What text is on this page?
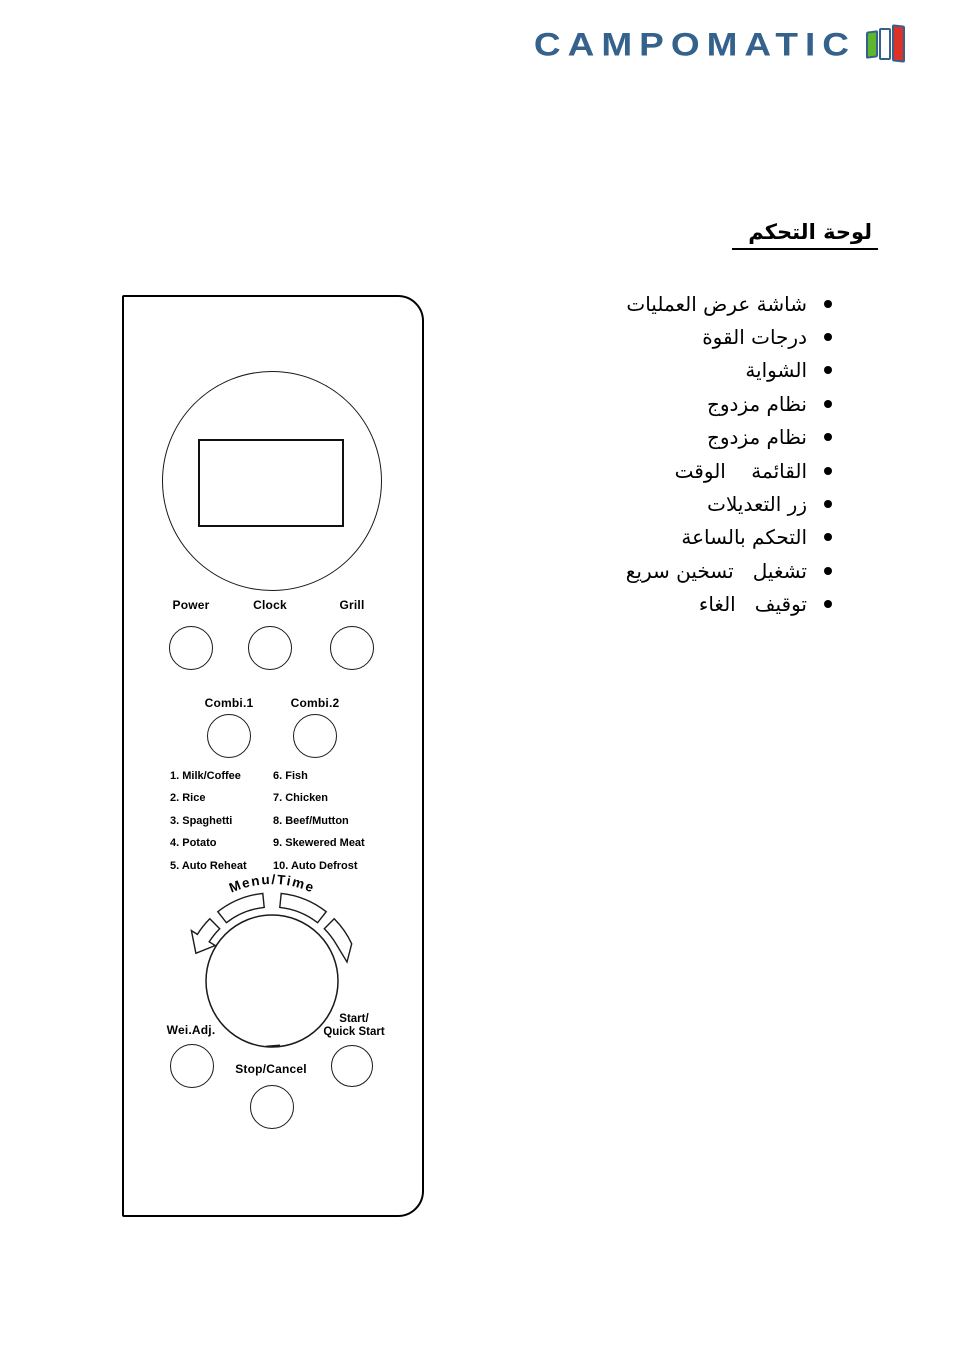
CAMPOMATIC
لوحة التحكم
شاشة عرض العمليات
درجات القوة
الشواية
نظام مزدوج
نظام مزدوج
القائمة    الوقت
زر التعديلات
التحكم بالساعة
تشغيل   تسخين سريع
توقيف   الغاء
Power	Clock	Grill
Combi.1	Combi.2
1. Milk/Coffee
2. Rice
3. Spaghetti
4. Potato
5. Auto Reheat
6. Fish
7. Chicken
8. Beef/Mutton
9. Skewered Meat
10. Auto Defrost
Menu/Time
Wei.Adj.
Start/
Quick Start
Stop/Cancel
